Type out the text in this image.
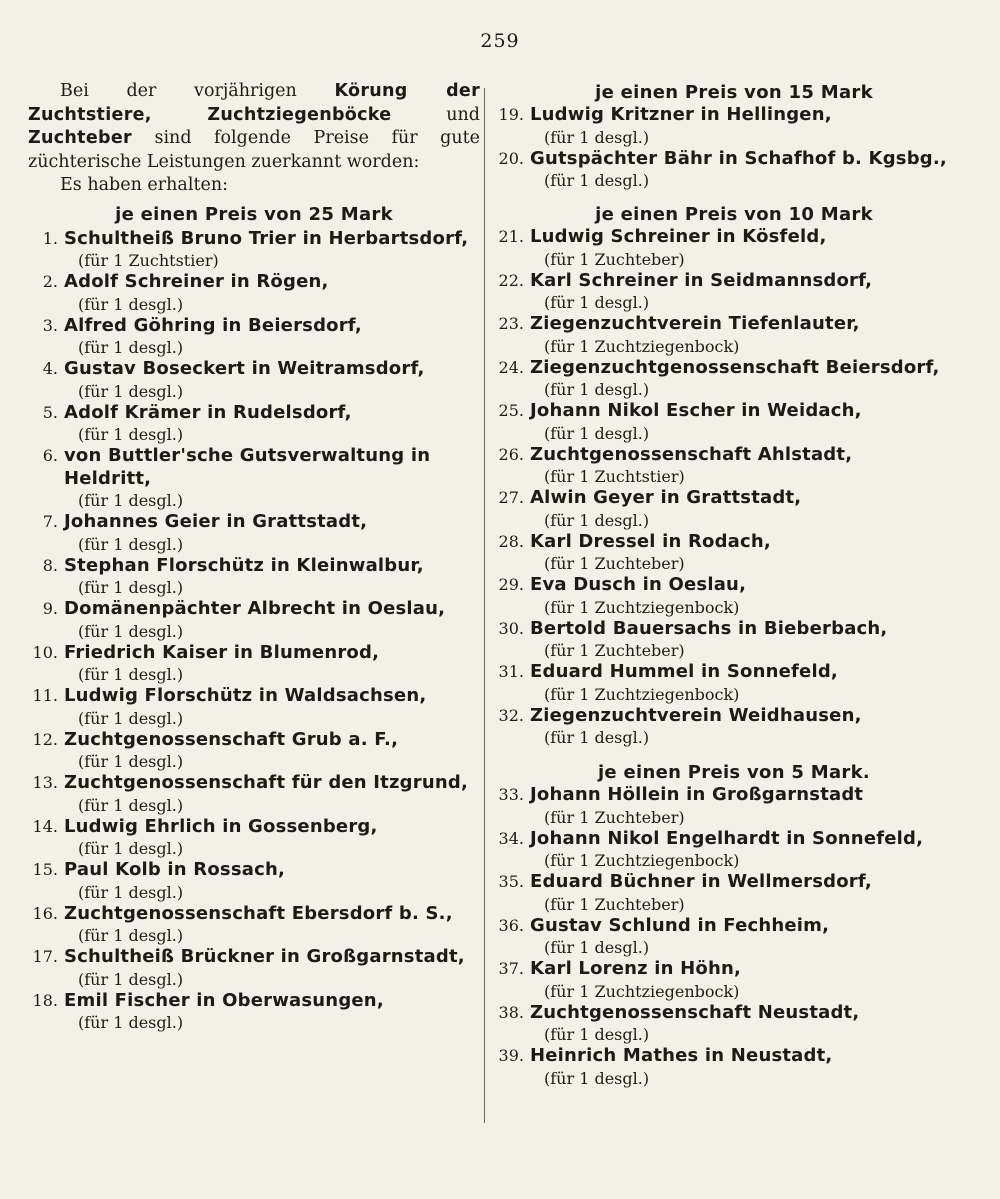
259

Bei der vorjährigen Körung der Zuchtstiere, Zuchtziegenböcke und Zuchteber sind folgende Preise für gute züchterische Leistungen zuerkannt worden:

Es haben erhalten:

je einen Preis von 25 Mark
1. Schultheiß Bruno Trier in Herbartsdorf,
(für 1 Zuchtstier)
2. Adolf Schreiner in Rögen,
(für 1 desgl.)
3. Alfred Göhring in Beiersdorf,
(für 1 desgl.)
4. Gustav Boseckert in Weitramsdorf,
(für 1 desgl.)
5. Adolf Krämer in Rudelsdorf,
(für 1 desgl.)
6. von Buttler'sche Gutsverwaltung in Heldritt,
(für 1 desgl.)
7. Johannes Geier in Grattstadt,
(für 1 desgl.)
8. Stephan Florschütz in Kleinwalbur,
(für 1 desgl.)
9. Domänenpächter Albrecht in Oeslau,
(für 1 desgl.)
10. Friedrich Kaiser in Blumenrod,
(für 1 desgl.)
11. Ludwig Florschütz in Waldsachsen,
(für 1 desgl.)
12. Zuchtgenossenschaft Grub a. F.,
(für 1 desgl.)
13. Zuchtgenossenschaft für den Itzgrund,
(für 1 desgl.)
14. Ludwig Ehrlich in Gossenberg,
(für 1 desgl.)
15. Paul Kolb in Rossach,
(für 1 desgl.)
16. Zuchtgenossenschaft Ebersdorf b. S.,
(für 1 desgl.)
17. Schultheiß Brückner in Großgarnstadt,
(für 1 desgl.)
18. Emil Fischer in Oberwasungen,
(für 1 desgl.)
je einen Preis von 15 Mark
19. Ludwig Kritzner in Hellingen,
(für 1 desgl.)
20. Gutspächter Bähr in Schafhof b. Kgsbg.,
(für 1 desgl.)
je einen Preis von 10 Mark
21. Ludwig Schreiner in Kösfeld,
(für 1 Zuchteber)
22. Karl Schreiner in Seidmannsdorf,
(für 1 desgl.)
23. Ziegenzuchtverein Tiefenlauter,
(für 1 Zuchtziegenbock)
24. Ziegenzuchtgenossenschaft Beiersdorf,
(für 1 desgl.)
25. Johann Nikol Escher in Weidach,
(für 1 desgl.)
26. Zuchtgenossenschaft Ahlstadt,
(für 1 Zuchtstier)
27. Alwin Geyer in Grattstadt,
(für 1 desgl.)
28. Karl Dressel in Rodach,
(für 1 Zuchteber)
29. Eva Dusch in Oeslau,
(für 1 Zuchtziegenbock)
30. Bertold Bauersachs in Bieberbach,
(für 1 Zuchteber)
31. Eduard Hummel in Sonnefeld,
(für 1 Zuchtziegenbock)
32. Ziegenzuchtverein Weidhausen,
(für 1 desgl.)
je einen Preis von 5 Mark.
33. Johann Höllein in Großgarnstadt
(für 1 Zuchteber)
34. Johann Nikol Engelhardt in Sonnefeld,
(für 1 Zuchtziegenbock)
35. Eduard Büchner in Wellmersdorf,
(für 1 Zuchteber)
36. Gustav Schlund in Fechheim,
(für 1 desgl.)
37. Karl Lorenz in Höhn,
(für 1 Zuchtziegenbock)
38. Zuchtgenossenschaft Neustadt,
(für 1 desgl.)
39. Heinrich Mathes in Neustadt,
(für 1 desgl.)
